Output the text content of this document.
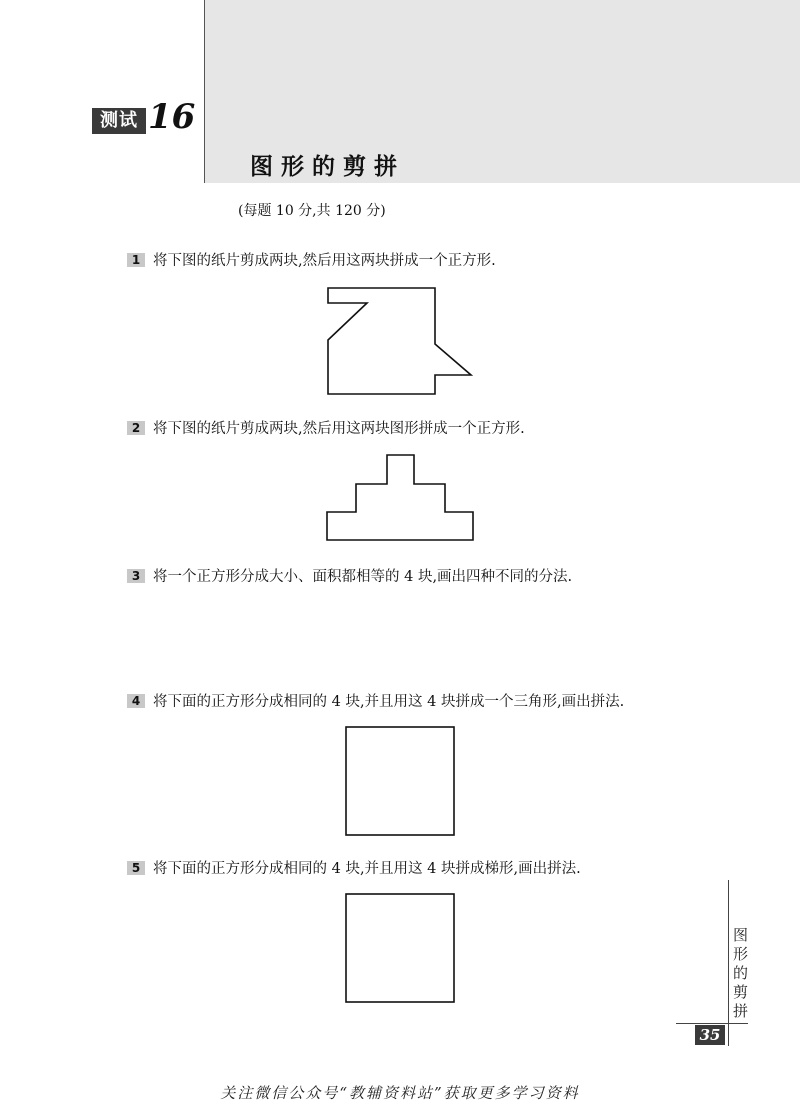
测试 16
图形的剪拼
(每题 10 分,共 120 分)
1 将下图的纸片剪成两块,然后用这两块拼成一个正方形.
2 将下图的纸片剪成两块,然后用这两块图形拼成一个正方形.
3 将一个正方形分成大小、面积都相等的 4 块,画出四种不同的分法.
4 将下面的正方形分成相同的 4 块,并且用这 4 块拼成一个三角形,画出拼法.
5 将下面的正方形分成相同的 4 块,并且用这 4 块拼成梯形,画出拼法.
图形的剪拼
35
关注微信公众号“教辅资料站”获取更多学习资料
